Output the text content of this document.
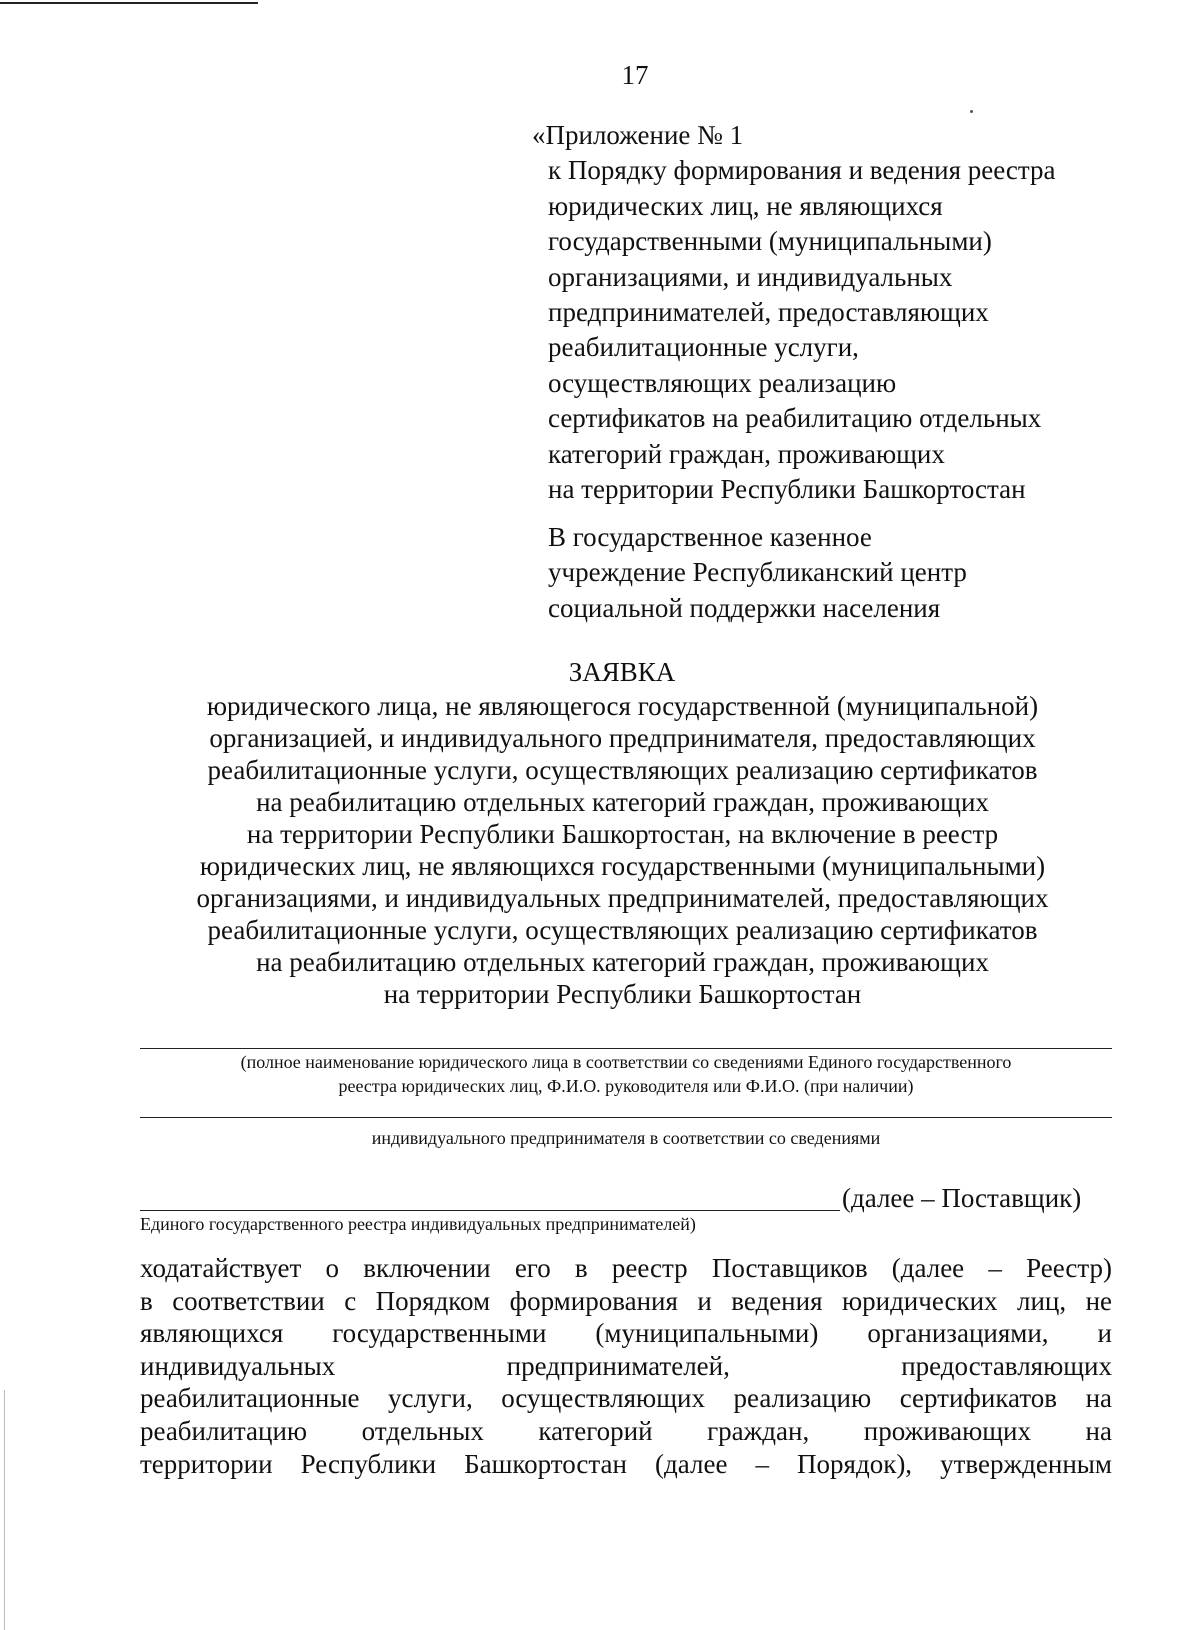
17
«Приложение № 1
к Порядку формирования и ведения реестра
юридических лиц, не являющихся
государственными (муниципальными)
организациями, и индивидуальных
предпринимателей, предоставляющих
реабилитационные услуги,
осуществляющих реализацию
сертификатов на реабилитацию отдельных
категорий граждан, проживающих
на территории Республики Башкортостан
В государственное казенное
учреждение Республиканский центр
социальной поддержки населения
ЗАЯВКА
юридического лица, не являющегося государственной (муниципальной)
организацией, и индивидуального предпринимателя, предоставляющих
реабилитационные услуги, осуществляющих реализацию сертификатов
на реабилитацию отдельных категорий граждан, проживающих
на территории Республики Башкортостан, на включение в реестр
юридических лиц, не являющихся государственными (муниципальными)
организациями, и индивидуальных предпринимателей, предоставляющих
реабилитационные услуги, осуществляющих реализацию сертификатов
на реабилитацию отдельных категорий граждан, проживающих
на территории Республики Башкортостан
(полное наименование юридического лица в соответствии со сведениями Единого государственного
реестра юридических лиц, Ф.И.О. руководителя или Ф.И.О. (при наличии)
индивидуального предпринимателя в соответствии со сведениями
(далее – Поставщик)
Единого государственного реестра индивидуальных предпринимателей)
ходатайствует о включении его в реестр Поставщиков (далее – Реестр)
в соответствии с Порядком формирования и ведения юридических лиц, не
являющихся государственными (муниципальными) организациями, и
индивидуальных предпринимателей, предоставляющих
реабилитационные услуги, осуществляющих реализацию сертификатов на
реабилитацию отдельных категорий граждан, проживающих на
территории Республики Башкортостан (далее – Порядок), утвержденным
